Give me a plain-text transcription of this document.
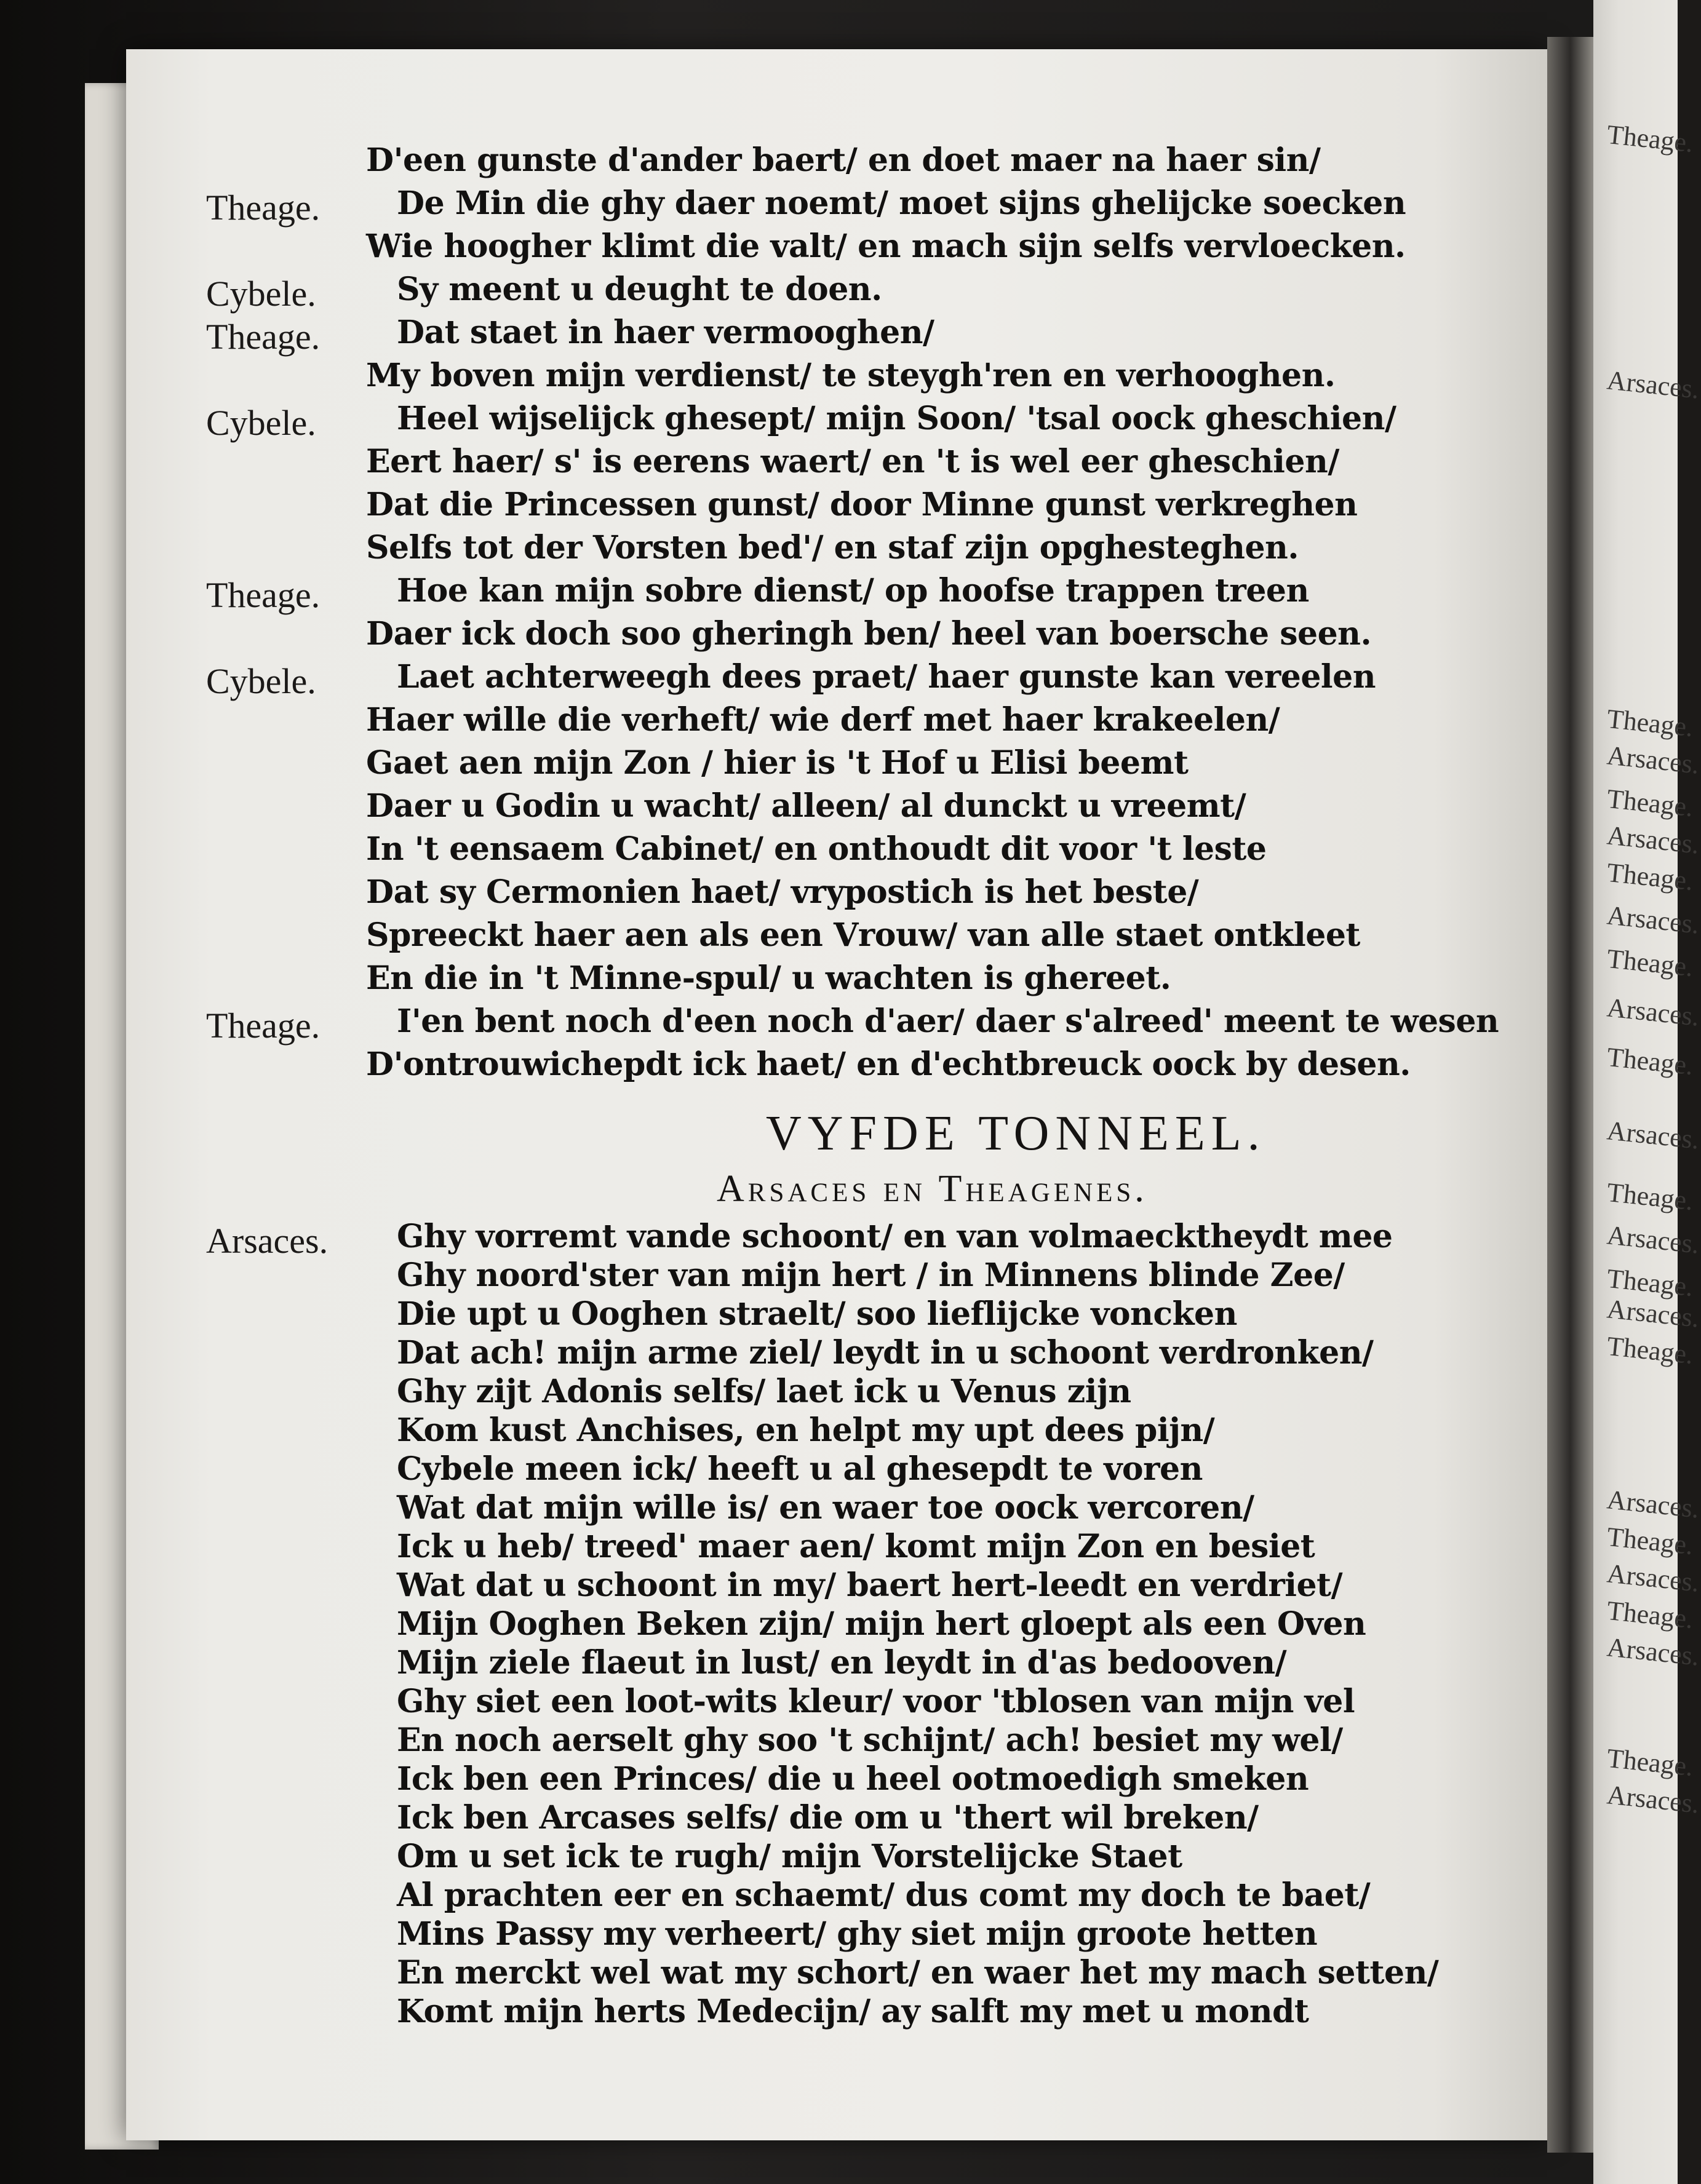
D'een gunste d'ander baert/ en doet maer na haer sin/
Theage. De Min die ghy daer noemt/ moet sijns ghelijcke soecken
Wie hoogher klimt die valt/ en mach sijn selfs vervloecken.
Cybele.	Sy meent u deught te doen.
Theage. Dat staet in haer vermooghen/
My boven mijn verdienst/ te steygh'ren en verhooghen.
Cybele.	Heel wijselijck ghesept/ mijn Soon/ 'tsal oock gheschien/
Eert haer/ s' is eerens waert/ en 't is wel eer gheschien/
Dat die Princessen gunst/ door Minne gunst verkreghen
Selfs tot der Vorsten bed'/ en staf zijn opghesteghen.
Theage. Hoe kan mijn sobre dienst/ op hoofse trappen treen
Daer ick doch soo gheringh ben/ heel van boersche seen.
Cybele.	Laet achterweegh dees praet/ haer gunste kan vereelen
Haer wille die verheft/ wie derf met haer krakeelen/
Gaet aen mijn Zon / hier is 't Hof u Elisi beemt
Daer u Godin u wacht/ alleen/ al dunckt u vreemt/
In 't eensaem Cabinet/ en onthoudt dit voor 't leste
Dat sy Cermonien haet/ vrypostich is het beste/
Spreeckt haer aen als een Vrouw/ van alle staet ontkleet
En die in 't Minne-spul/ u wachten is ghereet.
Theage. I'en bent noch d'een noch d'aer/ daer s'alreed' meent te wesen
D'ontrouwichepdt ick haet/ en d'echtbreuck oock by desen.
VYFDE TONNEEL.
Arsaces en Theagenes.
Arsaces. Ghy vorremt vande schoont/ en van volmaecktheydt mee
Ghy noord'ster van mijn hert / in Minnens blinde Zee/
Die upt u Ooghen straelt/ soo lieflijcke voncken
Dat ach! mijn arme ziel/ leydt in u schoont verdronken/
Ghy zijt Adonis selfs/ laet ick u Venus zijn
Kom kust Anchises, en helpt my upt dees pijn/
Cybele meen ick/ heeft u al ghesepdt te voren
Wat dat mijn wille is/ en waer toe oock vercoren/
Ick u heb/ treed' maer aen/ komt mijn Zon en besiet
Wat dat u schoont in my/ baert hert-leedt en verdriet/
Mijn Ooghen Beken zijn/ mijn hert gloept als een Oven
Mijn ziele flaeut in lust/ en leydt in d'as bedooven/
Ghy siet een loot-wits kleur/ voor 'tblosen van mijn vel
En noch aerselt ghy soo 't schijnt/ ach! besiet my wel/
Ick ben een Princes/ die u heel ootmoedigh smeken
Ick ben Arcases selfs/ die om u 'thert wil breken/
Om u set ick te rugh/ mijn Vorstelijcke Staet
Al prachten eer en schaemt/ dus comt my doch te baet/
Mins Passy my verheert/ ghy siet mijn groote hetten
En merckt wel wat my schort/ en waer het my mach setten/
Komt mijn herts Medecijn/ ay salft my met u mondt
Theage.
Arsaces.
Theage.
Arsaces.
Theage.
Arsaces.
Theage.
Arsaces.
Theage.
Arsaces.
Theage.
Arsaces.
Theage.
Arsaces.
Theage.
Arsaces.
Theage.
Arsaces.
Theage.
Arsaces.
Theage.
Arsaces.
Theage.
Arsaces.
